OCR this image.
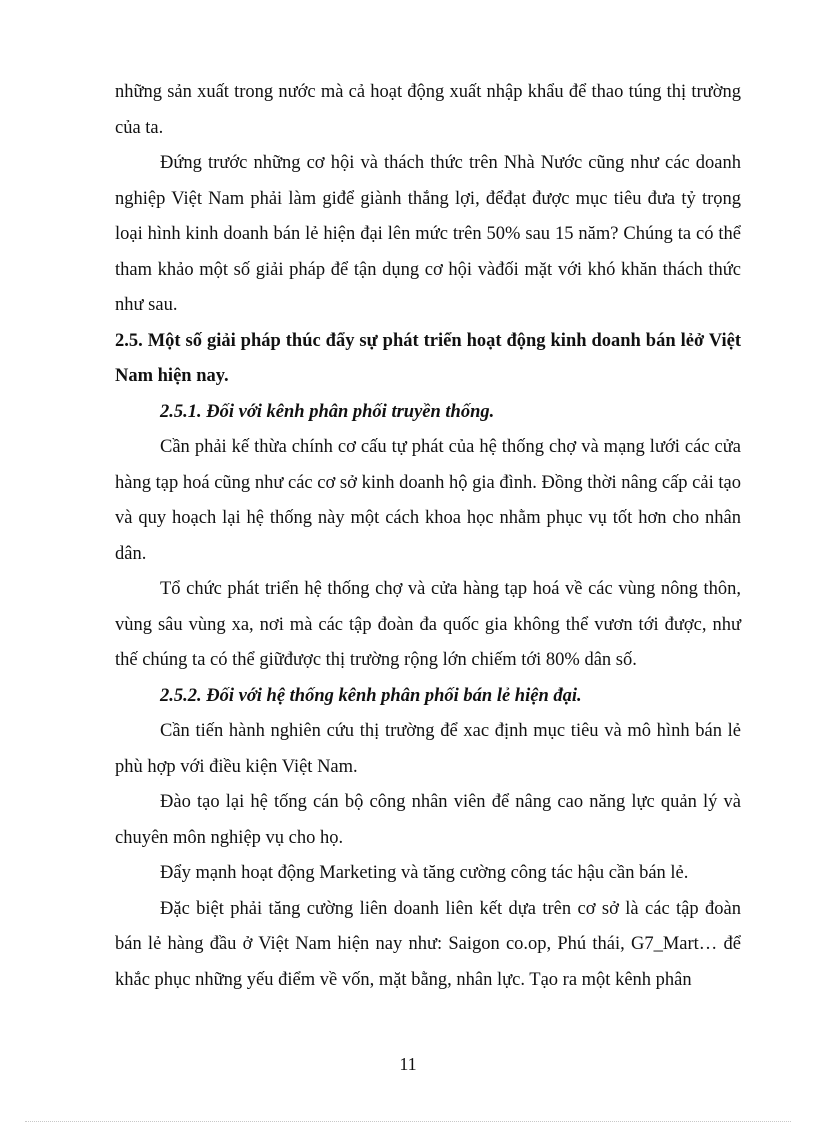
những sản xuất trong nước mà cả hoạt động xuất nhập khẩu để thao túng thị trường của ta.

Đứng trước những cơ hội và thách thức trên Nhà Nước cũng như các doanh nghiệp Việt Nam phải làm giđể giành thắng lợi, đểđạt được mục tiêu đưa tỷ trọng loại hình kinh doanh bán lẻ hiện đại lên mức trên 50% sau 15 năm? Chúng ta có thể tham khảo một số giải pháp để tận dụng cơ hội vàđối mặt với khó khăn thách thức như sau.

2.5. Một số giải pháp thúc đẩy sự phát triển hoạt động kinh doanh bán lẻở Việt Nam hiện nay.

2.5.1. Đối với kênh phân phối truyền thống.

Cần phải kế thừa chính cơ cấu tự phát của hệ thống chợ và mạng lưới các cửa hàng tạp hoá cũng như các cơ sở kinh doanh hộ gia đình. Đồng thời nâng cấp cải tạo và quy hoạch lại hệ thống này một cách khoa học nhằm phục vụ tốt hơn cho nhân dân.

Tổ chức phát triển hệ thống chợ và cửa hàng tạp hoá về các vùng nông thôn, vùng sâu vùng xa, nơi mà các tập đoàn đa quốc gia không thể vươn tới được, như thế chúng ta có thể giữđược thị trường rộng lớn chiếm tới 80% dân số.

2.5.2. Đối với hệ thống kênh phân phối bán lẻ hiện đại.

Cần tiến hành nghiên cứu thị trường để xac định mục tiêu và mô hình bán lẻ phù hợp với điều kiện Việt Nam.

Đào tạo lại hệ tống cán bộ công nhân viên để nâng cao năng lực quản lý và chuyên môn nghiệp vụ cho họ.

Đẩy mạnh hoạt động Marketing và tăng cường công tác hậu cần bán lẻ.

Đặc biệt phải tăng cường liên doanh liên kết dựa trên cơ sở là các tập đoàn bán lẻ hàng đầu ở Việt Nam hiện nay như: Saigon co.op, Phú thái, G7_Mart… để khắc phục những yếu điểm về vốn, mặt bằng, nhân lực. Tạo ra một kênh phân

11
